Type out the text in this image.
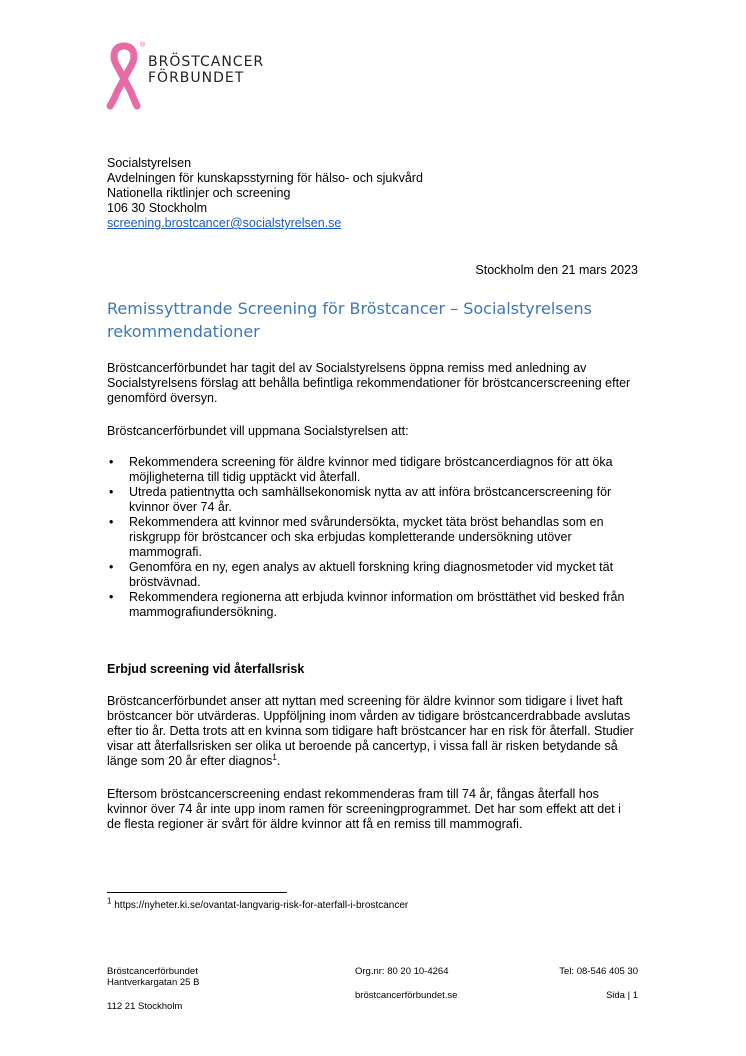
®
BRÖSTCANCER
FÖRBUNDET
Socialstyrelsen
Avdelningen för kunskapsstyrning för hälso- och sjukvård
Nationella riktlinjer och screening
106 30 Stockholm
screening.brostcancer@socialstyrelsen.se
Stockholm den 21 mars 2023
Remissyttrande Screening för Bröstcancer – Socialstyrelsens rekommendationer
Bröstcancerförbundet har tagit del av Socialstyrelsens öppna remiss med anledning av Socialstyrelsens förslag att behålla befintliga rekommendationer för bröstcancerscreening efter genomförd översyn.
Bröstcancerförbundet vill uppmana Socialstyrelsen att:
• Rekommendera screening för äldre kvinnor med tidigare bröstcancerdiagnos för att öka möjligheterna till tidig upptäckt vid återfall.
• Utreda patientnytta och samhällsekonomisk nytta av att införa bröstcancerscreening för kvinnor över 74 år.
• Rekommendera att kvinnor med svårundersökta, mycket täta bröst behandlas som en riskgrupp för bröstcancer och ska erbjudas kompletterande undersökning utöver mammografi.
• Genomföra en ny, egen analys av aktuell forskning kring diagnosmetoder vid mycket tät bröstvävnad.
• Rekommendera regionerna att erbjuda kvinnor information om brösttäthet vid besked från mammografiundersökning.
Erbjud screening vid återfallsrisk
Bröstcancerförbundet anser att nyttan med screening för äldre kvinnor som tidigare i livet haft bröstcancer bör utvärderas. Uppföljning inom vården av tidigare bröstcancerdrabbade avslutas efter tio år. Detta trots att en kvinna som tidigare haft bröstcancer har en risk för återfall. Studier visar att återfallsrisken ser olika ut beroende på cancertyp, i vissa fall är risken betydande så länge som 20 år efter diagnos$^1$.
Eftersom bröstcancerscreening endast rekommenderas fram till 74 år, fångas återfall hos kvinnor över 74 år inte upp inom ramen för screeningprogrammet. Det har som effekt att det i de flesta regioner är svårt för äldre kvinnor att få en remiss till mammografi.
$^1$ https://nyheter.ki.se/ovantat-langvarig-risk-for-aterfall-i-brostcancer
Bröstcancerförbundet
Hantverkargatan 25 B
112 21 Stockholm
Org.nr: 80 20 10-4264
bröstcancerförbundet.se
Tel: 08-546 405 30
Sida | 1
